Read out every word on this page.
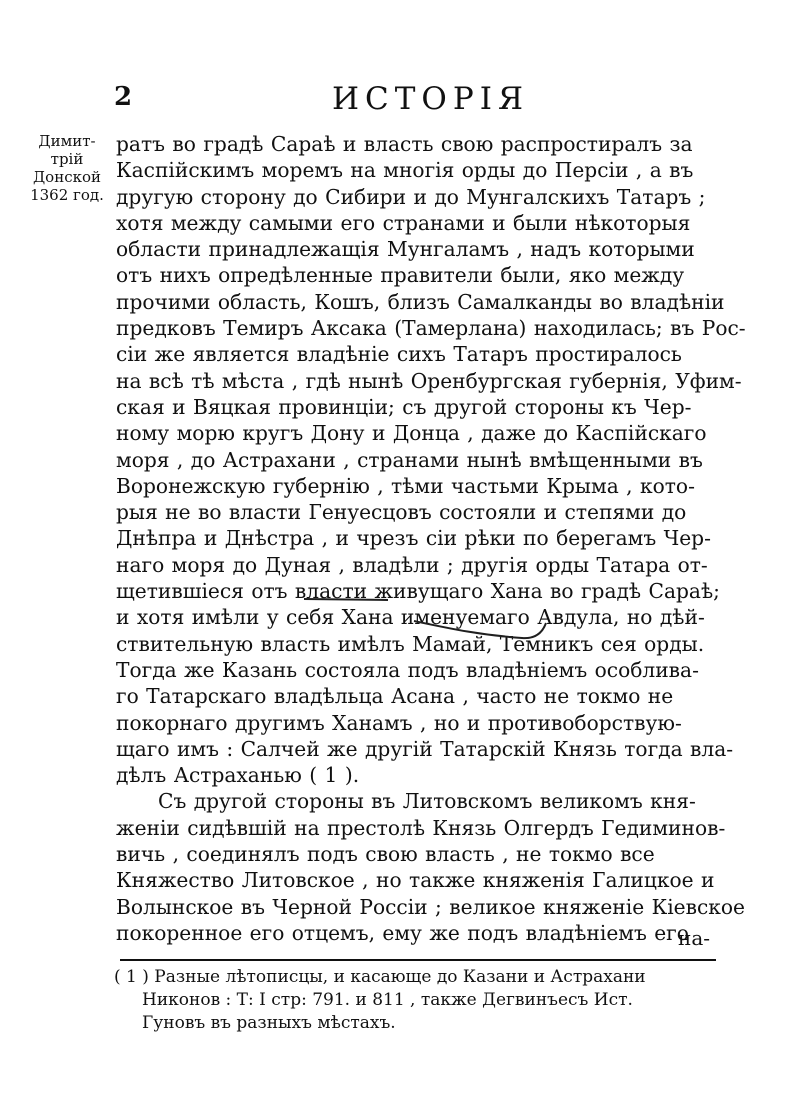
2	ИСТОРІЯ
Димит-
трій
Донской
1362 год.
ратъ во градѣ Сараѣ и власть свою распростиралъ за
Каспійскимъ моремъ на многія орды до Персіи , а въ
другую сторону до Сибири и до Мунгалскихъ Татаръ ;
хотя между самыми его странами и были нѣкоторыя
области принадлежащія Мунгаламъ , надъ которыми
отъ нихъ опредѣленные правители были, яко между
прочими область, Кошъ, близъ Самалканды во владѣніи
предковъ Темиръ Аксака (Тамерлана) находилась; въ Рос-
сіи же является владѣніе сихъ Татаръ простиралось
на всѣ тѣ мѣста , гдѣ нынѣ Оренбургская губернія, Уфим-
ская и Вяцкая провинціи; съ другой стороны къ Чер-
ному морю кругъ Дону и Донца , даже до Каспійскаго
моря , до Астрахани , странами нынѣ вмѣщенными въ
Воронежскую губернію , тѣми частьми Крыма , кото-
рыя не во власти Генуесцовъ состояли и степями до
Днѣпра и Днѣстра , и чрезъ сіи рѣки по берегамъ Чер-
наго моря до Дуная , владѣли ; другія орды Татара от-
щетившіеся отъ власти живущаго Хана во градѣ Сараѣ;
и хотя имѣли у себя Хана именуемаго Авдула, но дѣй-
ствительную власть имѣлъ Мамай, Темникъ сея орды.
Тогда же Казань состояла подъ владѣніемъ особлива-
го Татарскаго владѣльца Асана , часто не токмо не
покорнаго другимъ Ханамъ , но и противоборствую-
щаго имъ : Салчей же другій Татарскій Князь тогда вла-
дѣлъ Астраханью ( 1 ).
Съ другой стороны въ Литовскомъ великомъ кня-
женіи сидѣвшій на престолѣ Князь Олгердъ Гедиминов-
вичь , соединялъ подъ свою власть , не токмо все
Княжество Литовское , но также княженія Галицкое и
Волынское въ Черной Россіи ; великое княженіе Кіевское
покоренное его отцемъ, ему же подъ владѣніемъ его
на-
( 1 ) Разные лѣтописцы, и касающе до Казани и Астрахани
Никонов : Т: I стр: 791. и 811 , также Дегвинъесъ Ист.
Гуновъ въ разныхъ мѣстахъ.
